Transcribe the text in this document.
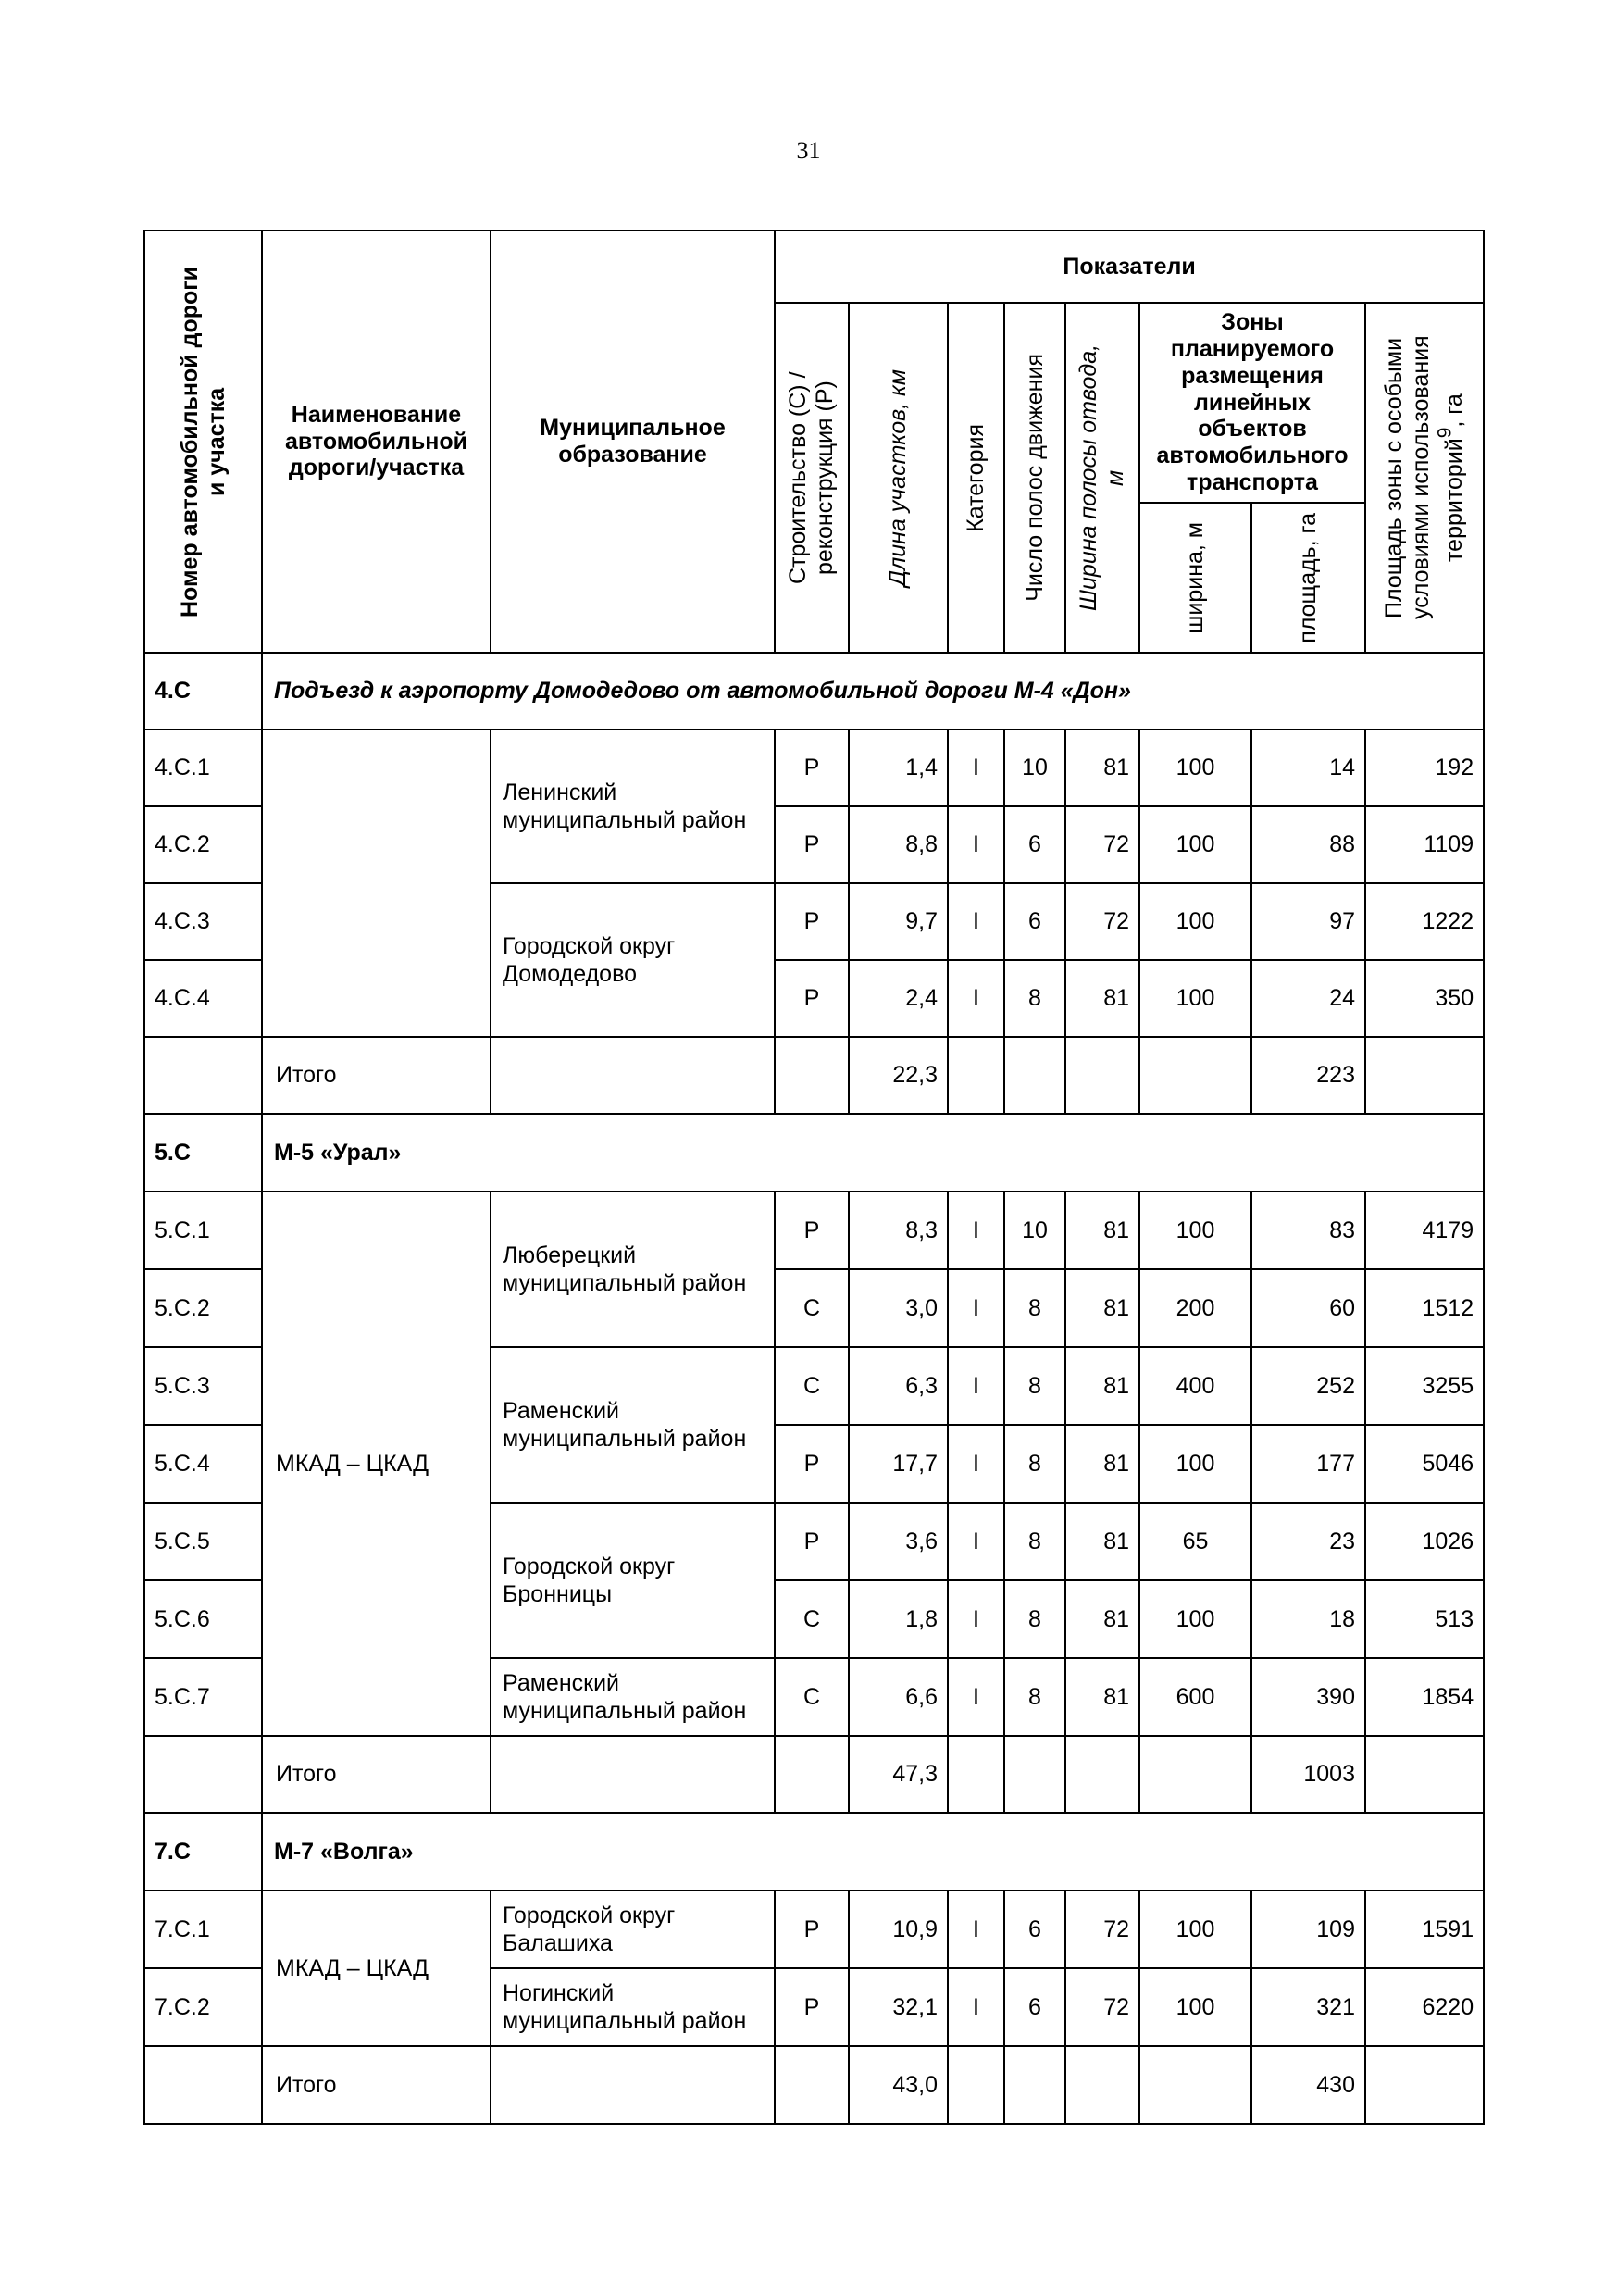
31
Номер автомобильной дороги и участка	Наименование автомобильной дороги/участка	Муниципальное образование	Показатели							

			Строительство (С) / реконструкция (Р)	Длина участков, км	Категория	Число полос движения	Ширина полосы отвода, м	Зоны планируемого размещения линейных объектов автомобильного транспорта		Площадь зоны с особыми условиями использования территорий$^9$, га

								ширина, м	площадь, га	

4.С	Подъезд к аэропорту Домодедово от автомобильной дороги М-4 «Дон»									
4.С.1		Ленинский муниципальный район	Р	1,4	I	10	81	100	14	192
4.С.2			Р	8,8	I	6	72	100	88	1109
4.С.3		Городской округ Домодедово	Р	9,7	I	6	72	100	97	1222
4.С.4			Р	2,4	I	8	81	100	24	350
	Итого			22,3					223	
5.С	М-5 «Урал»									
5.С.1	МКАД – ЦКАД	Люберецкий муниципальный район	Р	8,3	I	10	81	100	83	4179
5.С.2			С	3,0	I	8	81	200	60	1512
5.С.3		Раменский муниципальный район	С	6,3	I	8	81	400	252	3255
5.С.4			Р	17,7	I	8	81	100	177	5046
5.С.5		Городской округ Бронницы	Р	3,6	I	8	81	65	23	1026
5.С.6			С	1,8	I	8	81	100	18	513
5.С.7		Раменский муниципальный район	С	6,6	I	8	81	600	390	1854
	Итого			47,3					1003	
7.С	М-7 «Волга»									
7.С.1	МКАД – ЦКАД	Городской округ Балашиха	Р	10,9	I	6	72	100	109	1591
7.С.2		Ногинский муниципальный район	Р	32,1	I	6	72	100	321	6220
	Итого			43,0					430	
